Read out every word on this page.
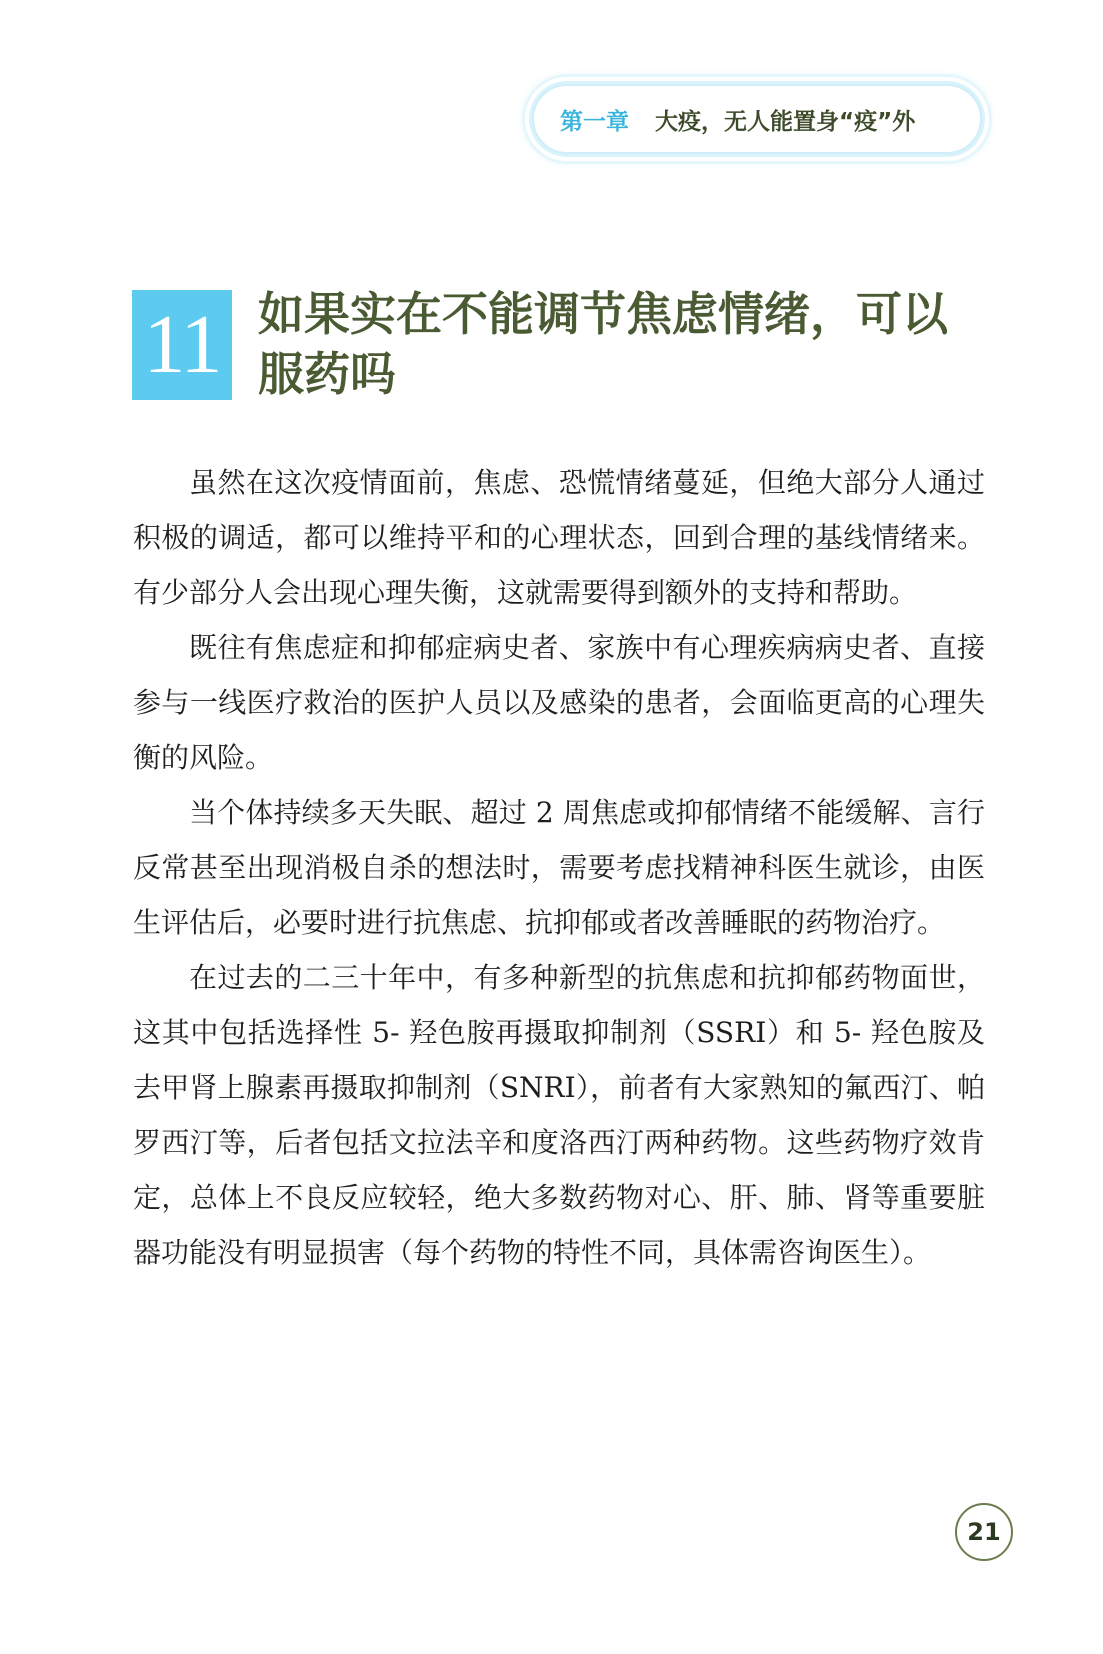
第一章 大疫，无人能置身“疫”外
11 如果实在不能调节焦虑情绪，可以服药吗

虽然在这次疫情面前，焦虑、恐慌情绪蔓延，但绝大部分人通过积极的调适，都可以维持平和的心理状态，回到合理的基线情绪来。有少部分人会出现心理失衡，这就需要得到额外的支持和帮助。

既往有焦虑症和抑郁症病史者、家族中有心理疾病病史者、直接参与一线医疗救治的医护人员以及感染的患者，会面临更高的心理失衡的风险。

当个体持续多天失眠、超过 2 周焦虑或抑郁情绪不能缓解、言行反常甚至出现消极自杀的想法时，需要考虑找精神科医生就诊，由医生评估后，必要时进行抗焦虑、抗抑郁或者改善睡眠的药物治疗。

在过去的二三十年中，有多种新型的抗焦虑和抗抑郁药物面世，这其中包括选择性 5- 羟色胺再摄取抑制剂（SSRI）和 5- 羟色胺及去甲肾上腺素再摄取抑制剂（SNRI），前者有大家熟知的氟西汀、帕罗西汀等，后者包括文拉法辛和度洛西汀两种药物。这些药物疗效肯定，总体上不良反应较轻，绝大多数药物对心、肝、肺、肾等重要脏器功能没有明显损害（每个药物的特性不同，具体需咨询医生）。

21
